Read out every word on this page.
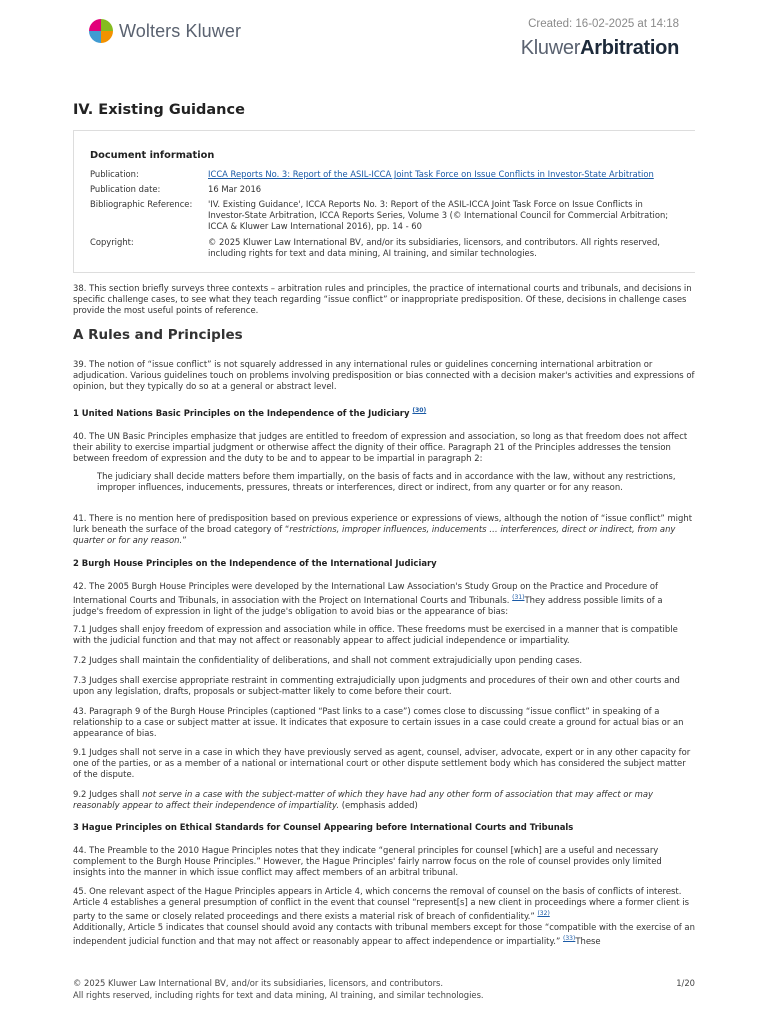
Wolters Kluwer	Created: 16-02-2025 at 14:18
KluwerArbitration
IV. Existing Guidance
Document information
Publication:	ICCA Reports No. 3: Report of the ASIL-ICCA Joint Task Force on Issue Conflicts in Investor-State Arbitration
Publication date:	16 Mar 2016
Bibliographic Reference:	'IV. Existing Guidance', ICCA Reports No. 3: Report of the ASIL-ICCA Joint Task Force on Issue Conflicts in Investor-State Arbitration, ICCA Reports Series, Volume 3 (© International Council for Commercial Arbitration; ICCA & Kluwer Law International 2016), pp. 14 - 60
Copyright:	© 2025 Kluwer Law International BV, and/or its subsidiaries, licensors, and contributors. All rights reserved, including rights for text and data mining, AI training, and similar technologies.

38. This section briefly surveys three contexts – arbitration rules and principles, the practice of international courts and tribunals, and decisions in specific challenge cases, to see what they teach regarding “issue conflict” or inappropriate predisposition. Of these, decisions in challenge cases provide the most useful points of reference.

A Rules and Principles

39. The notion of “issue conflict” is not squarely addressed in any international rules or guidelines concerning international arbitration or adjudication. Various guidelines touch on problems involving predisposition or bias connected with a decision maker's activities and expressions of opinion, but they typically do so at a general or abstract level.

1 United Nations Basic Principles on the Independence of the Judiciary $^{(30)}$

40. The UN Basic Principles emphasize that judges are entitled to freedom of expression and association, so long as that freedom does not affect their ability to exercise impartial judgment or otherwise affect the dignity of their office. Paragraph 21 of the Principles addresses the tension between freedom of expression and the duty to be and to appear to be impartial in paragraph 2:

The judiciary shall decide matters before them impartially, on the basis of facts and in accordance with the law, without any restrictions, improper influences, inducements, pressures, threats or interferences, direct or indirect, from any quarter or for any reason.

41. There is no mention here of predisposition based on previous experience or expressions of views, although the notion of “issue conflict” might lurk beneath the surface of the broad category of “restrictions, improper influences, inducements … interferences, direct or indirect, from any quarter or for any reason.”

2 Burgh House Principles on the Independence of the International Judiciary

42. The 2005 Burgh House Principles were developed by the International Law Association's Study Group on the Practice and Procedure of International Courts and Tribunals, in association with the Project on International Courts and Tribunals. $^{(31)}$They address possible limits of a judge's freedom of expression in light of the judge's obligation to avoid bias or the appearance of bias:

7.1 Judges shall enjoy freedom of expression and association while in office. These freedoms must be exercised in a manner that is compatible with the judicial function and that may not affect or reasonably appear to affect judicial independence or impartiality.

7.2 Judges shall maintain the confidentiality of deliberations, and shall not comment extrajudicially upon pending cases.

7.3 Judges shall exercise appropriate restraint in commenting extrajudicially upon judgments and procedures of their own and other courts and upon any legislation, drafts, proposals or subject-matter likely to come before their court.

43. Paragraph 9 of the Burgh House Principles (captioned “Past links to a case”) comes close to discussing “issue conflict” in speaking of a relationship to a case or subject matter at issue. It indicates that exposure to certain issues in a case could create a ground for actual bias or an appearance of bias.

9.1 Judges shall not serve in a case in which they have previously served as agent, counsel, adviser, advocate, expert or in any other capacity for one of the parties, or as a member of a national or international court or other dispute settlement body which has considered the subject matter of the dispute.

9.2 Judges shall not serve in a case with the subject-matter of which they have had any other form of association that may affect or may reasonably appear to affect their independence of impartiality. (emphasis added)

3 Hague Principles on Ethical Standards for Counsel Appearing before International Courts and Tribunals

44. The Preamble to the 2010 Hague Principles notes that they indicate “general principles for counsel [which] are a useful and necessary complement to the Burgh House Principles.” However, the Hague Principles' fairly narrow focus on the role of counsel provides only limited insights into the manner in which issue conflict may affect members of an arbitral tribunal.

45. One relevant aspect of the Hague Principles appears in Article 4, which concerns the removal of counsel on the basis of conflicts of interest. Article 4 establishes a general presumption of conflict in the event that counsel “represent[s] a new client in proceedings where a former client is party to the same or closely related proceedings and there exists a material risk of breach of confidentiality.” $^{(32)}$
Additionally, Article 5 indicates that counsel should avoid any contacts with tribunal members except for those “compatible with the exercise of an independent judicial function and that may not affect or reasonably appear to affect independence or impartiality.” $^{(33)}$These

© 2025 Kluwer Law International BV, and/or its subsidiaries, licensors, and contributors.
All rights reserved, including rights for text and data mining, AI training, and similar technologies.
1/20
